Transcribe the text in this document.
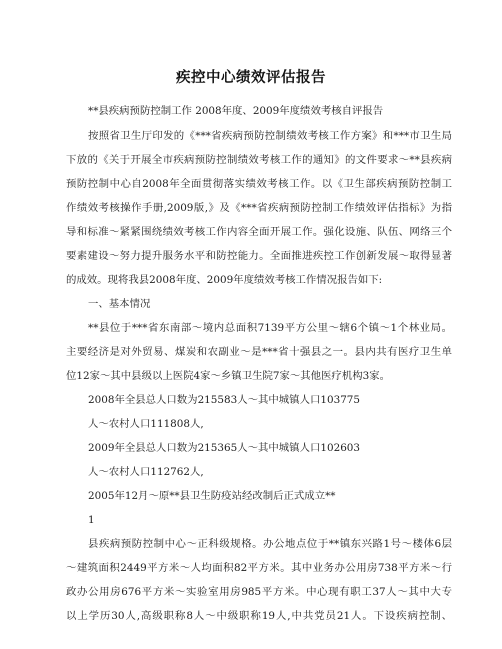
疾控中心绩效评估报告
**县疾病预防控制工作 2008年度、2009年度绩效考核自评报告
按照省卫生厅印发的《***省疾病预防控制绩效考核工作方案》和***市卫生局
下放的《关于开展全市疾病预防控制绩效考核工作的通知》的文件要求～**县疾病
预防控制中心自2008年全面贯彻落实绩效考核工作。以《卫生部疾病预防控制工
作绩效考核操作手册,2009版,》及《***省疾病预防控制工作绩效评估指标》为指
导和标准～紧紧围绕绩效考核工作内容全面开展工作。强化设施、队伍、网络三个
要素建设～努力提升服务水平和防控能力。全面推进疾控工作创新发展～取得显著
的成效。现将我县2008年度、2009年度绩效考核工作情况报告如下:
一、基本情况
**县位于***省东南部～境内总面积7139平方公里～辖6个镇～1个林业局。
主要经济是对外贸易、煤炭和农副业～是***省十强县之一。县内共有医疗卫生单
位12家～其中县级以上医院4家～乡镇卫生院7家～其他医疗机构3家。
2008年全县总人口数为215583人～其中城镇人口103775
人～农村人口111808人,
2009年全县总人口数为215365人～其中城镇人口102603
人～农村人口112762人,
2005年12月～原**县卫生防疫站经改制后正式成立**
1
县疾病预防控制中心～正科级规格。办公地点位于**镇东兴路1号～楼体6层
～建筑面积2449平方米～人均面积82平方米。其中业务办公用房738平方米～行
政办公用房676平方米～实验室用房985平方米。中心现有职工37人～其中大专
以上学历30人,高级职称8人～中级职称19人,中共党员21人。下设疾病控制、
